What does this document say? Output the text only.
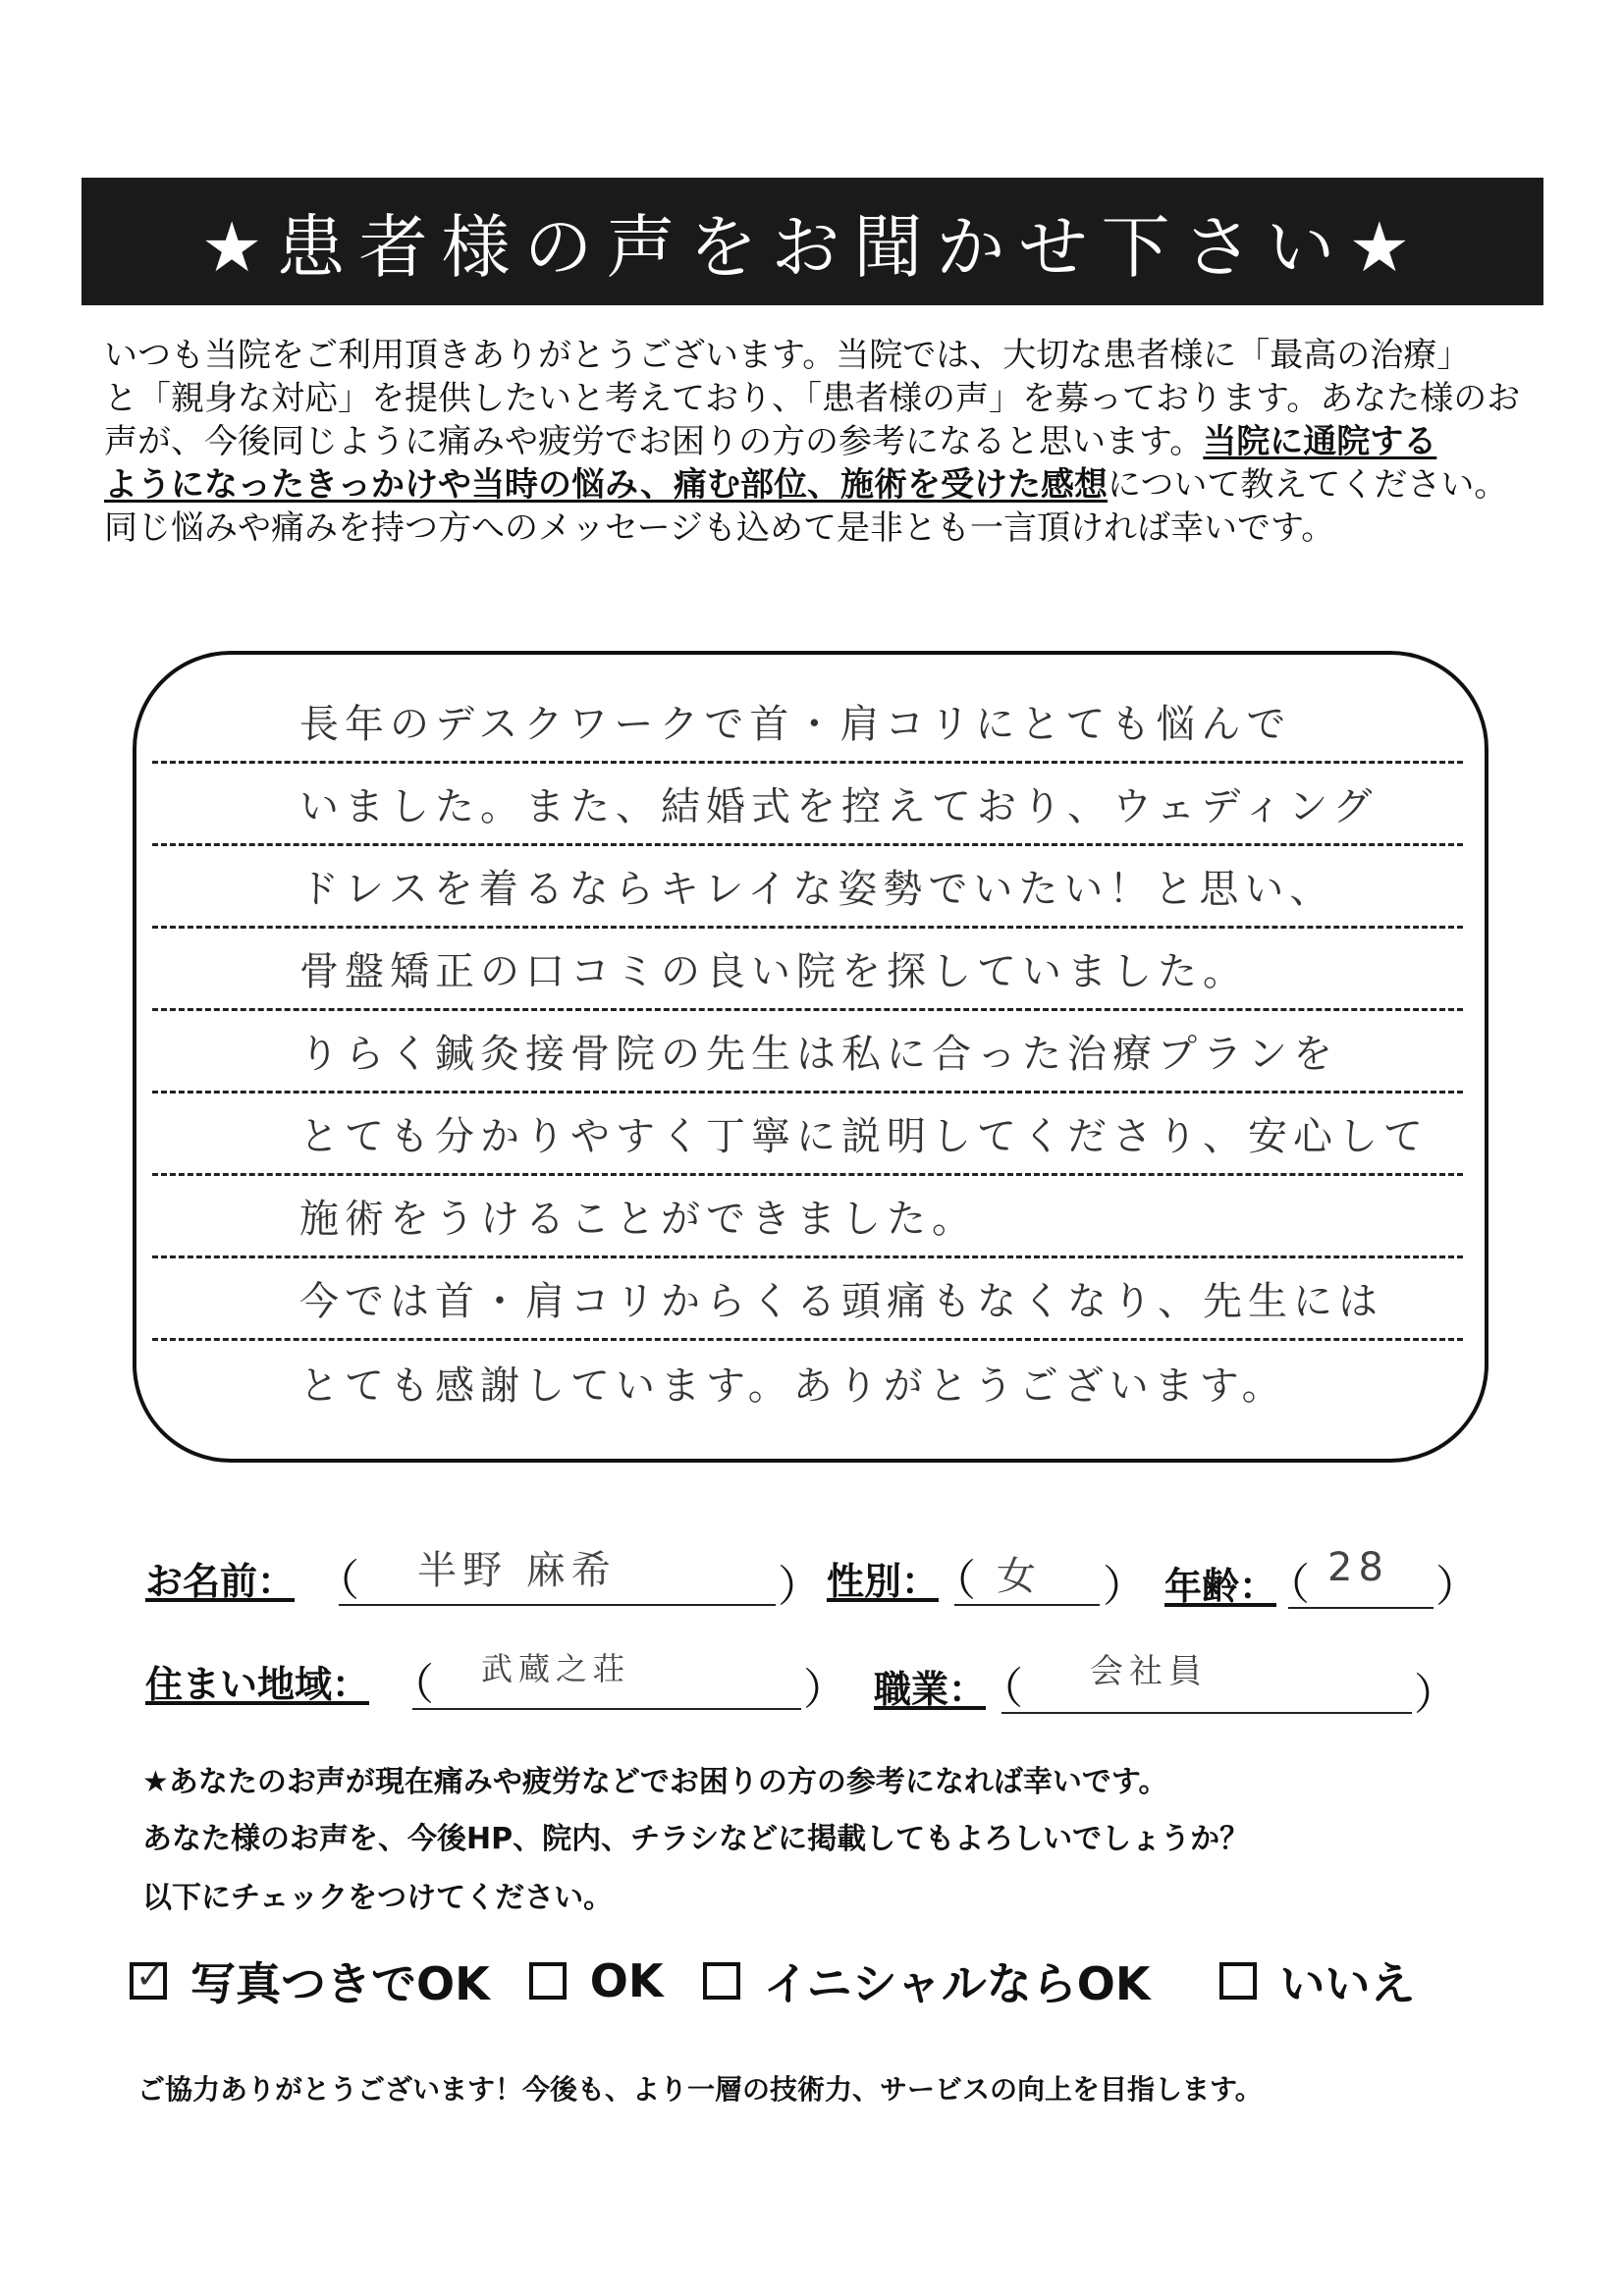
★患者様の声をお聞かせ下さい★

いつも当院をご利用頂きありがとうございます。当院では、大切な患者様に「最高の治療」

と「親身な対応」を提供したいと考えており、「患者様の声」を募っております。あなた様のお

声が、今後同じように痛みや疲労でお困りの方の参考になると思います。当院に通院する

ようになったきっかけや当時の悩み、痛む部位、施術を受けた感想について教えてください。

同じ悩みや痛みを持つ方へのメッセージも込めて是非とも一言頂ければ幸いです。

長年のデスクワークで首・肩コリにとても悩んで
いました。また、結婚式を控えており、ウェディング
ドレスを着るならキレイな姿勢でいたい！と思い、
骨盤矯正の口コミの良い院を探していました。
りらく鍼灸接骨院の先生は私に合った治療プランを
とても分かりやすく丁寧に説明してくださり、安心して
施術をうけることができました。
今では首・肩コリからくる頭痛もなくなり、先生には
とても感謝しています。ありがとうございます。
お名前： （ 半野 麻希	） 性別：
（ 女 ） 年齢：
（ 28 ）
住まい地域： （ 武蔵之荘	） 職業：
（ 会社員	）
★あなたのお声が現在痛みや疲労などでお困りの方の参考になれば幸いです。
あなた様のお声を、今後HP、院内、チラシなどに掲載してもよろしいでしょうか？
以下にチェックをつけてください。
✓ 写真つきでOK OK イニシャルならOK	いいえ
ご協力ありがとうございます！今後も、より一層の技術力、サービスの向上を目指します。
